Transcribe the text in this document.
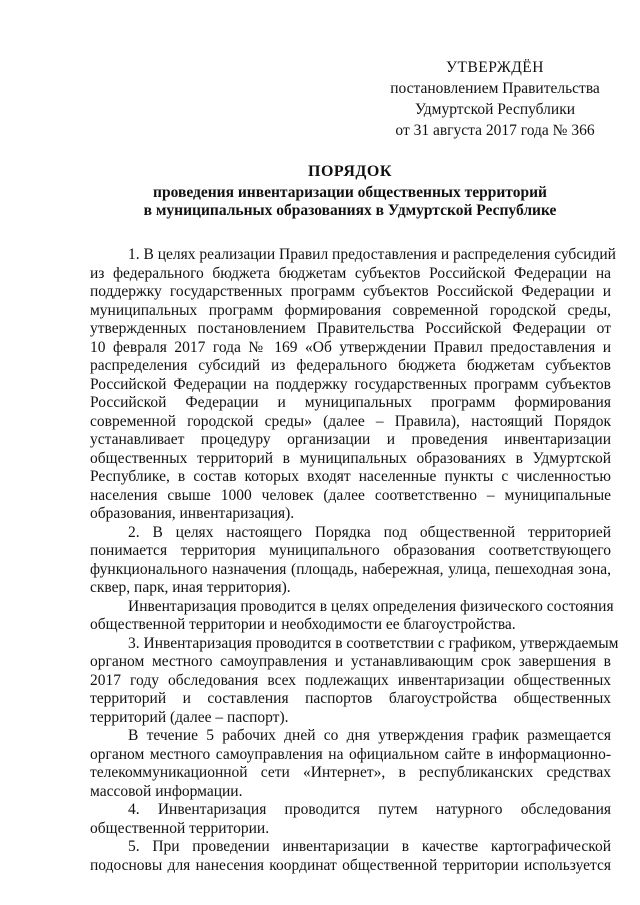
УТВЕРЖДЁН
постановлением Правительства
Удмуртской Республики
от 31 августа 2017 года № 366
ПОРЯДОК
проведения инвентаризации общественных территорий
в муниципальных образованиях в Удмуртской Республике
1. В целях реализации Правил предоставления и распределения субсидий
из федерального бюджета бюджетам субъектов Российской Федерации на
поддержку государственных программ субъектов Российской Федерации и
муниципальных программ формирования современной городской среды,
утвержденных постановлением Правительства Российской Федерации от
10 февраля 2017 года № 169 «Об утверждении Правил предоставления и
распределения субсидий из федерального бюджета бюджетам субъектов
Российской Федерации на поддержку государственных программ субъектов
Российской Федерации и муниципальных программ формирования
современной городской среды» (далее – Правила), настоящий Порядок
устанавливает процедуру организации и проведения инвентаризации
общественных территорий в муниципальных образованиях в Удмуртской
Республике, в состав которых входят населенные пункты с численностью
населения свыше 1000 человек (далее соответственно – муниципальные
образования, инвентаризация).
2. В целях настоящего Порядка под общественной территорией
понимается территория муниципального образования соответствующего
функционального назначения (площадь, набережная, улица, пешеходная зона,
сквер, парк, иная территория).
Инвентаризация проводится в целях определения физического состояния
общественной территории и необходимости ее благоустройства.
3. Инвентаризация проводится в соответствии с графиком, утверждаемым
органом местного самоуправления и устанавливающим срок завершения в
2017 году обследования всех подлежащих инвентаризации общественных
территорий и составления паспортов благоустройства общественных
территорий (далее – паспорт).
В течение 5 рабочих дней со дня утверждения график размещается
органом местного самоуправления на официальном сайте в информационно-
телекоммуникационной сети «Интернет», в республиканских средствах
массовой информации.
4. Инвентаризация проводится путем натурного обследования
общественной территории.
5. При проведении инвентаризации в качестве картографической
подосновы для нанесения координат общественной территории используется
